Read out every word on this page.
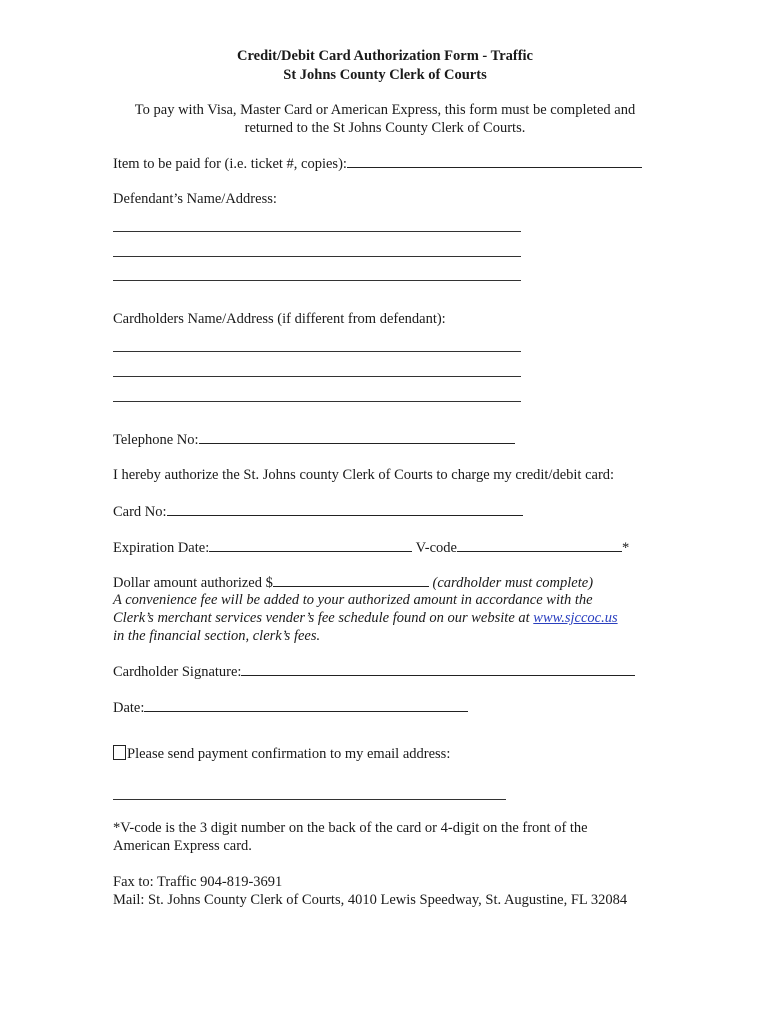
Credit/Debit Card Authorization Form - Traffic
St Johns County Clerk of Courts
To pay with Visa, Master Card or American Express, this form must be completed and
returned to the St Johns County Clerk of Courts.
Item to be paid for (i.e. ticket #, copies):
Defendant’s Name/Address:
Cardholders Name/Address (if different from defendant):
Telephone No:
I hereby authorize the St. Johns county Clerk of Courts to charge my credit/debit card:
Card No:
Expiration Date:	V-code	*
Dollar amount authorized $	(cardholder must complete)
A convenience fee will be added to your authorized amount in accordance with the
Clerk’s merchant services vender’s fee schedule found on our website at www.sjccoc.us
in the financial section, clerk’s fees.
Cardholder Signature:
Date:
Please send payment confirmation to my email address:
*V-code is the 3 digit number on the back of the card or 4-digit on the front of the
American Express card.
Fax to: Traffic 904-819-3691
Mail: St. Johns County Clerk of Courts, 4010 Lewis Speedway, St. Augustine, FL 32084
